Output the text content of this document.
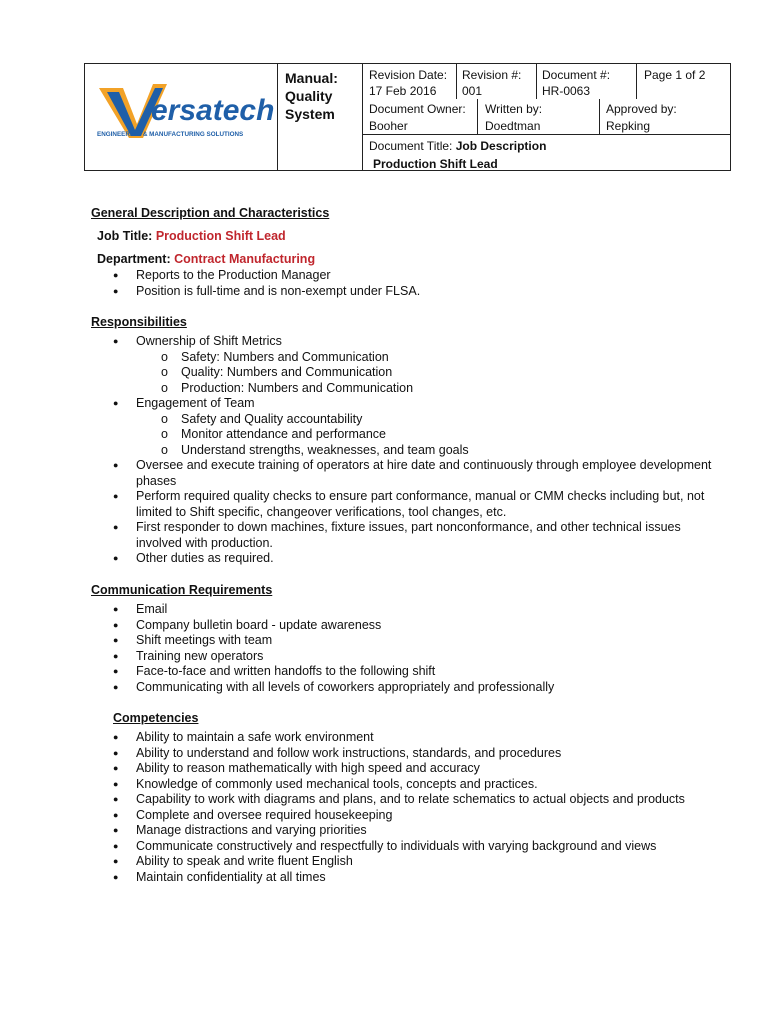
ersatech
ENGINEERING & MANUFACTURING SOLUTIONS
Manual: Quality System
Revision Date:
17 Feb 2016
Revision #:
001
Document #:
HR-0063
Page 1 of 2
Document Owner:
Booher
Written by:
Doedtman
Approved by:
Repking
Document Title: Job Description
Production Shift Lead
General Description and Characteristics
Job Title: Production Shift Lead
Department: Contract Manufacturing
● Reports to the Production Manager
● Position is full-time and is non-exempt under FLSA.
Responsibilities
● Ownership of Shift Metrics
o Safety: Numbers and Communication
o Quality: Numbers and Communication
o Production: Numbers and Communication
● Engagement of Team
o Safety and Quality accountability
o Monitor attendance and performance
o Understand strengths, weaknesses, and team goals
● Oversee and execute training of operators at hire date and continuously through employee development phases
● Perform required quality checks to ensure part conformance, manual or CMM checks including but, not limited to Shift specific, changeover verifications, tool changes, etc.
● First responder to down machines, fixture issues, part nonconformance, and other technical issues involved with production.
● Other duties as required.
Communication Requirements
● Email
● Company bulletin board - update awareness
● Shift meetings with team
● Training new operators
● Face-to-face and written handoffs to the following shift
● Communicating with all levels of coworkers appropriately and professionally
Competencies
● Ability to maintain a safe work environment
● Ability to understand and follow work instructions, standards, and procedures
● Ability to reason mathematically with high speed and accuracy
● Knowledge of commonly used mechanical tools, concepts and practices.
● Capability to work with diagrams and plans, and to relate schematics to actual objects and products
● Complete and oversee required housekeeping
● Manage distractions and varying priorities
● Communicate constructively and respectfully to individuals with varying background and views
● Ability to speak and write fluent English
● Maintain confidentiality at all times
